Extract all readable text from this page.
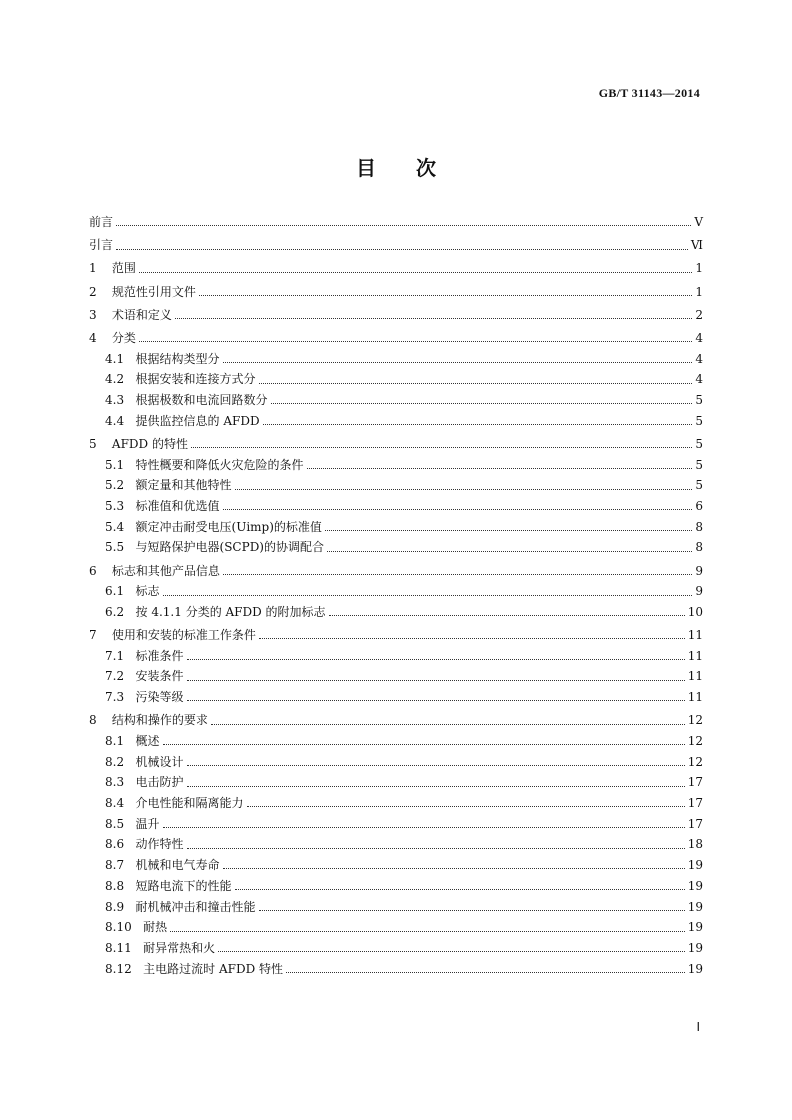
GB/T 31143—2014
目次
前言	Ⅴ
引言	Ⅵ
1 范围	1
2 规范性引用文件	1
3 术语和定义	2
4 分类	4
4.1 根据结构类型分	4
4.2 根据安装和连接方式分	4
4.3 根据极数和电流回路数分	5
4.4 提供监控信息的 AFDD	5
5 AFDD 的特性	5
5.1 特性概要和降低火灾危险的条件	5
5.2 额定量和其他特性	5
5.3 标准值和优选值	6
5.4 额定冲击耐受电压(Uimp)的标准值	8
5.5 与短路保护电器(SCPD)的协调配合	8
6 标志和其他产品信息	9
6.1 标志	9
6.2 按 4.1.1 分类的 AFDD 的附加标志	10
7 使用和安装的标准工作条件	11
7.1 标准条件	11
7.2 安装条件	11
7.3 污染等级	11
8 结构和操作的要求	12
8.1 概述	12
8.2 机械设计	12
8.3 电击防护	17
8.4 介电性能和隔离能力	17
8.5 温升	17
8.6 动作特性	18
8.7 机械和电气寿命	19
8.8 短路电流下的性能	19
8.9 耐机械冲击和撞击性能	19
8.10 耐热	19
8.11 耐异常热和火	19
8.12 主电路过流时 AFDD 特性	19
Ⅰ
